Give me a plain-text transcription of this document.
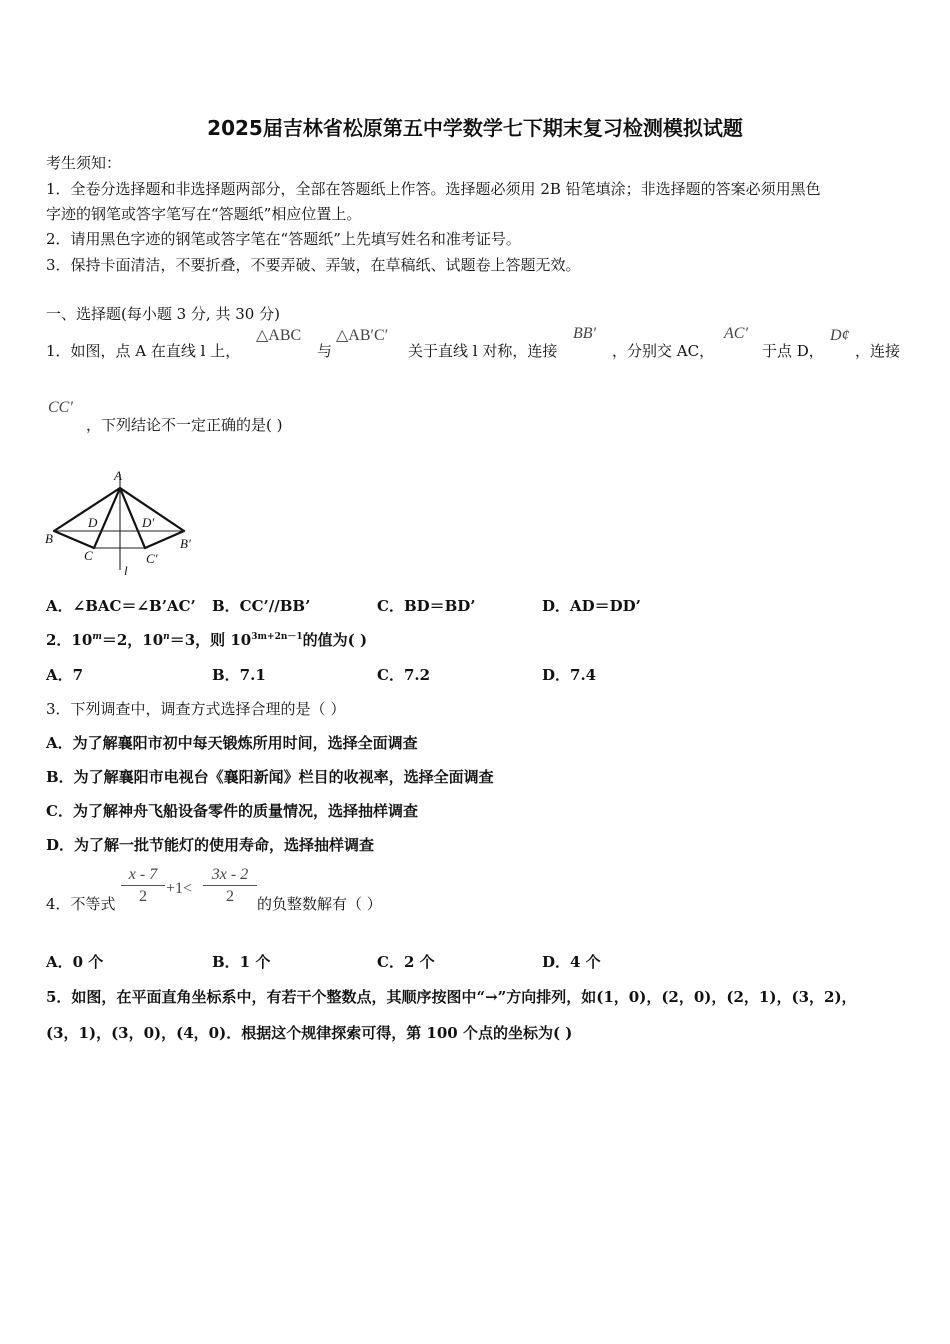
2025届吉林省松原第五中学数学七下期末复习检测模拟试题
考生须知：
1．全卷分选择题和非选择题两部分，全部在答题纸上作答。选择题必须用 2B 铅笔填涂；非选择题的答案必须用黑色
字迹的钢笔或答字笔写在“答题纸”相应位置上。
2．请用黑色字迹的钢笔或答字笔在“答题纸”上先填写姓名和准考证号。
3．保持卡面清洁，不要折叠，不要弄破、弄皱，在草稿纸、试题卷上答题无效。
一、选择题(每小题 3 分, 共 30 分)
1．如图，点 A 在直线 l 上，
△ABC
与
△AB′C′
关于直线 l 对称，连接
BB′
，分别交 AC，
AC′
于点 D，
D¢
，连接
CC′
，下列结论不一定正确的是( )
A
B
C
D	D′
C′
B′
l
A．∠BAC＝∠B’AC’ B．CC’//BB’	C．BD＝BD’	D．AD＝DD’
2．$10^m=2$，$10^n=3$，则 $10^{3m+2n-1}$的值为( )
A．7	B．7.1	C．7.2	D．7.4
3．下列调查中，调查方式选择合理的是（ ）
A．为了解襄阳市初中每天锻炼所用时间，选择全面调查
B．为了解襄阳市电视台《襄阳新闻》栏目的收视率，选择全面调查
C．为了解神舟飞船设备零件的质量情况，选择抽样调查
D．为了解一批节能灯的使用寿命，选择抽样调查
4．不等式 $\frac{x - 7}{2} +1< \frac{3x - 2}{2}$ 的负整数解有（ ）
A．0 个	B．1 个	C．2 个	D．4 个
5．如图，在平面直角坐标系中，有若干个整数点，其顺序按图中“→”方向排列，如(1，0)，(2，0)，(2，1)，(3，2)，
(3，1)，(3，0)，(4，0)．根据这个规律探索可得，第 100 个点的坐标为( )
